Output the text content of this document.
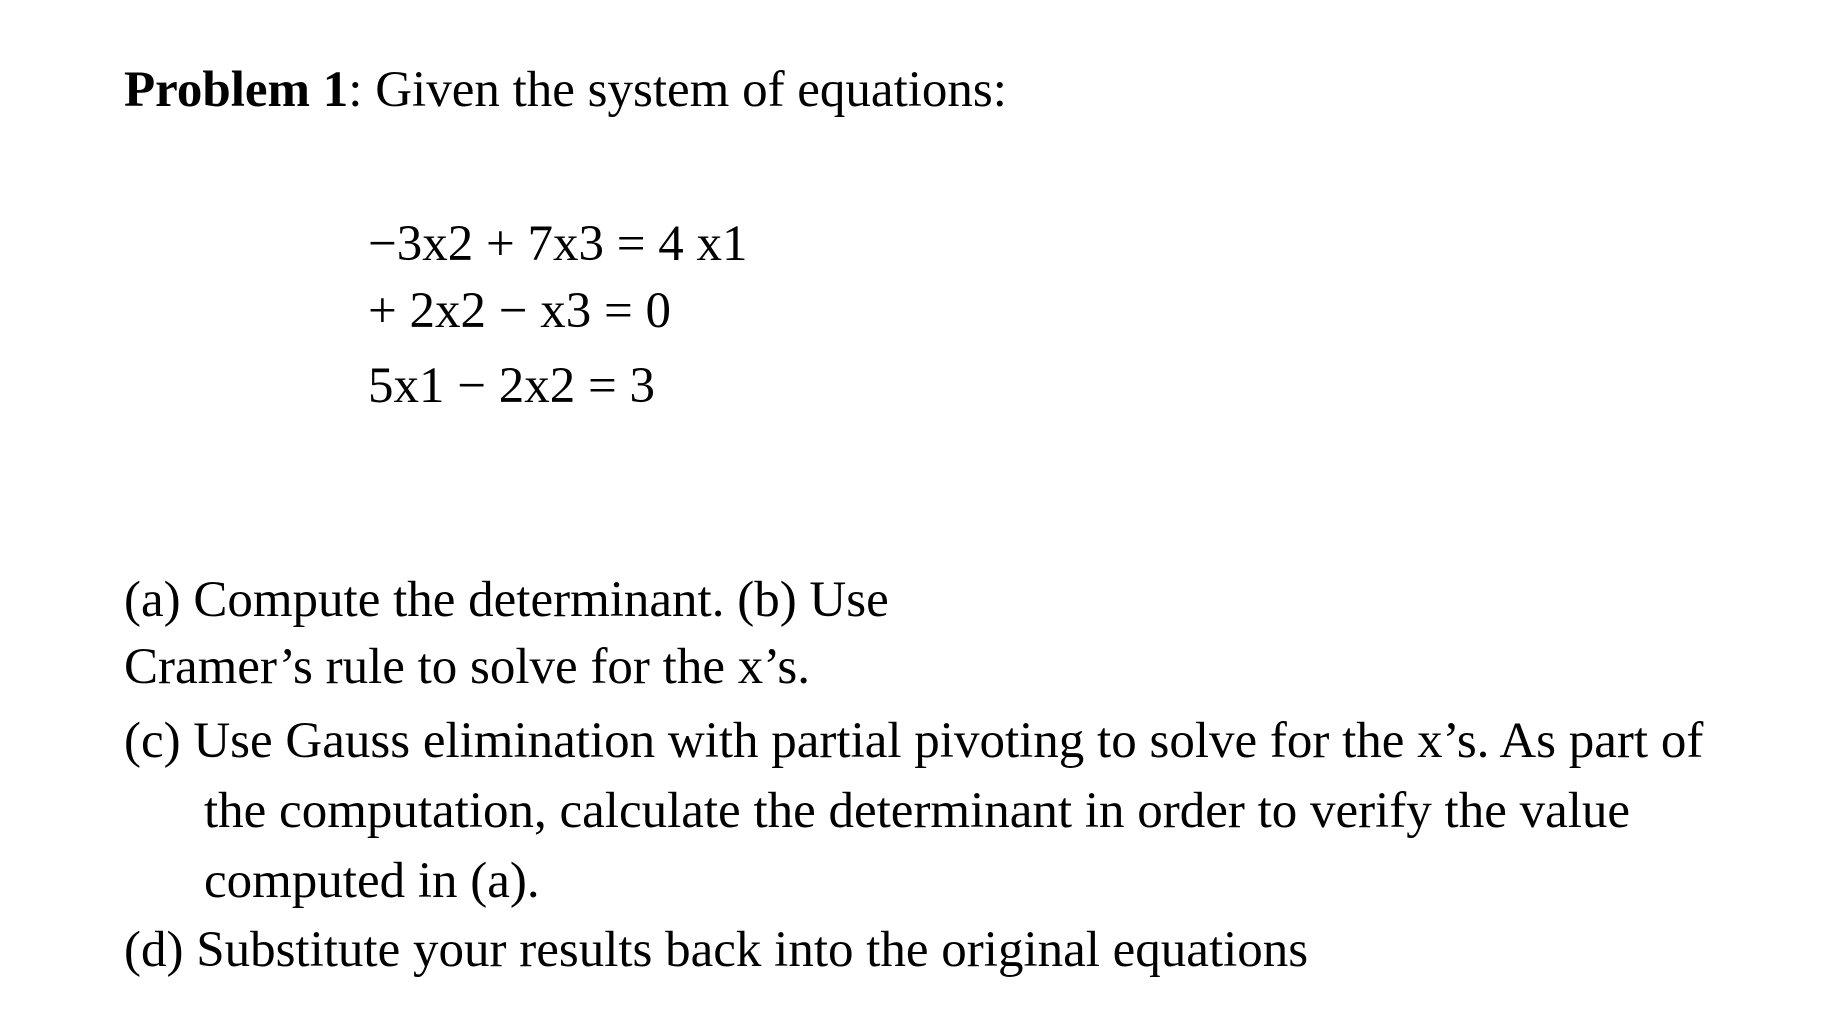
Problem 1: Given the system of equations:
−3x2 + 7x3 = 4 x1
+ 2x2 − x3 = 0
5x1 − 2x2 = 3
(a) Compute the determinant. (b) Use
Cramer’s rule to solve for the x’s.
(c) Use Gauss elimination with partial pivoting to solve for the x’s. As part of
the computation, calculate the determinant in order to verify the value
computed in (a).
(d) Substitute your results back into the original equations
